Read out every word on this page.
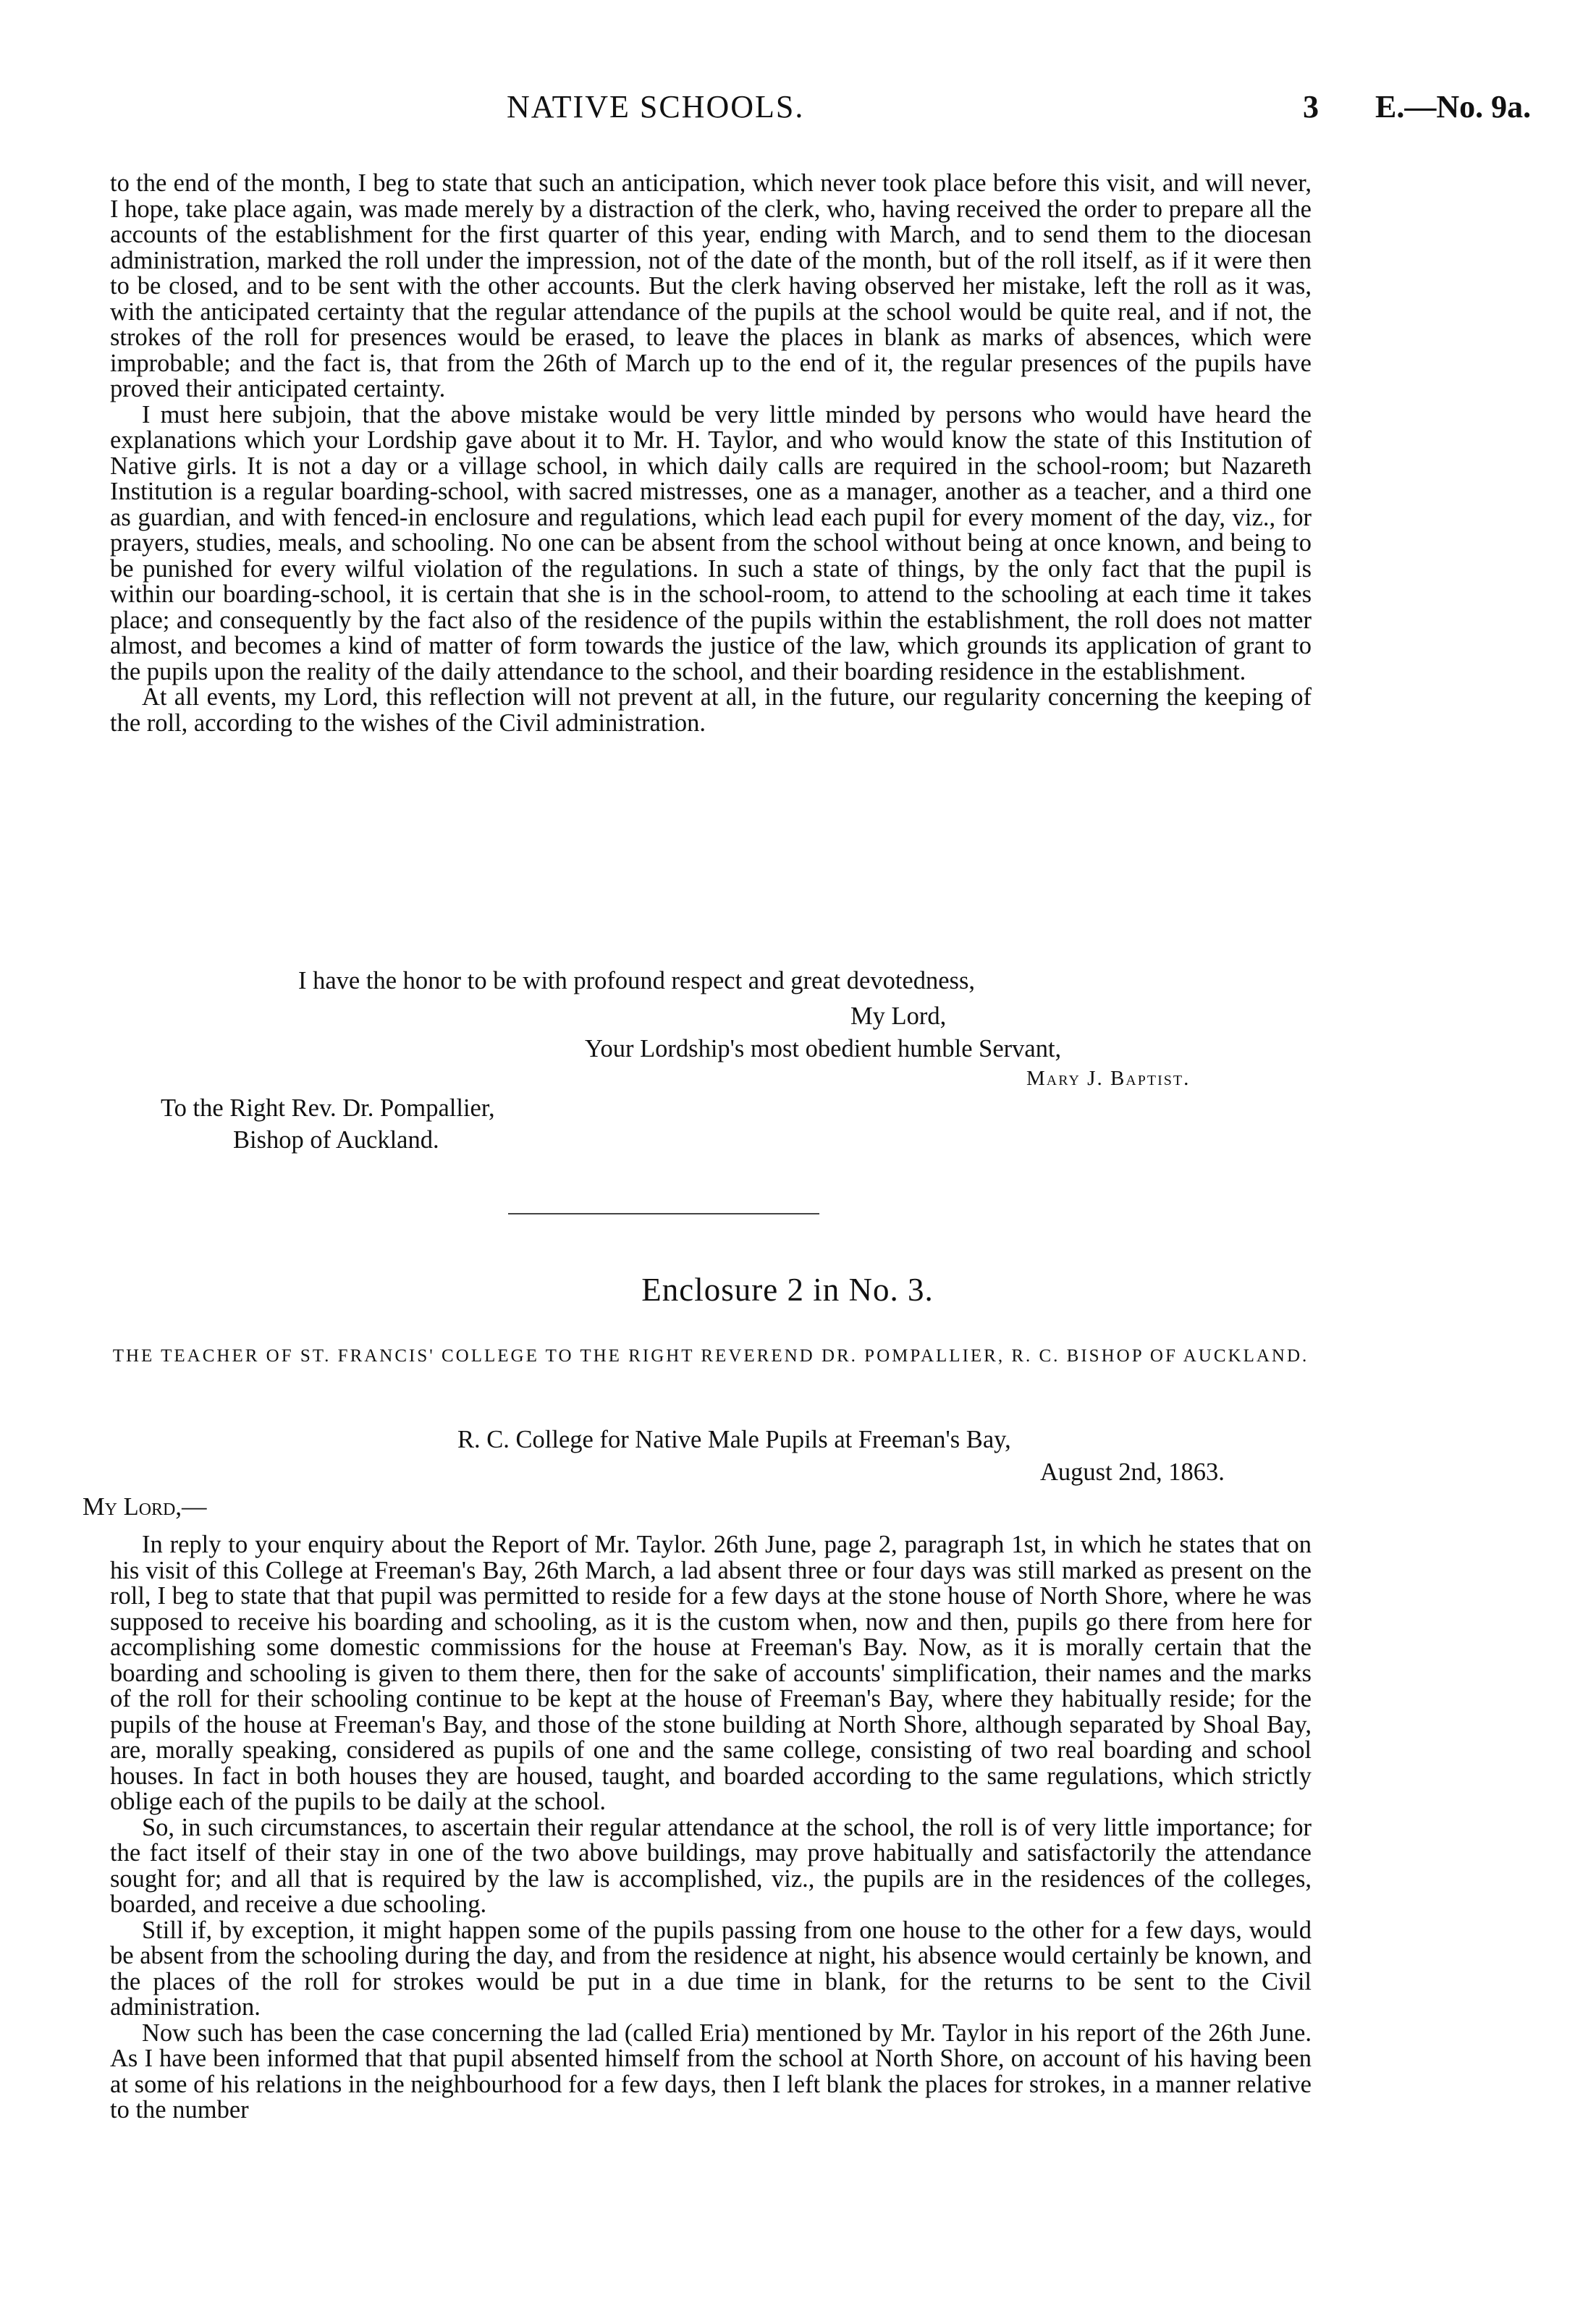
NATIVE SCHOOLS.	3 E.—No. 9a.

to the end of the month, I beg to state that such an anticipation, which never took place before this visit, and will never, I hope, take place again, was made merely by a distraction of the clerk, who, having received the order to prepare all the accounts of the establishment for the first quarter of this year, ending with March, and to send them to the diocesan administration, marked the roll under the impression, not of the date of the month, but of the roll itself, as if it were then to be closed, and to be sent with the other accounts. But the clerk having observed her mistake, left the roll as it was, with the anticipated certainty that the regular attendance of the pupils at the school would be quite real, and if not, the strokes of the roll for presences would be erased, to leave the places in blank as marks of absences, which were improbable; and the fact is, that from the 26th of March up to the end of it, the regular presences of the pupils have proved their anticipated certainty.

I must here subjoin, that the above mistake would be very little minded by persons who would have heard the explanations which your Lordship gave about it to Mr. H. Taylor, and who would know the state of this Institution of Native girls. It is not a day or a village school, in which daily calls are required in the school-room; but Nazareth Institution is a regular boarding-school, with sacred mistresses, one as a manager, another as a teacher, and a third one as guardian, and with fenced-in enclosure and regulations, which lead each pupil for every moment of the day, viz., for prayers, studies, meals, and schooling. No one can be absent from the school without being at once known, and being to be punished for every wilful violation of the regulations. In such a state of things, by the only fact that the pupil is within our boarding-school, it is certain that she is in the school-room, to attend to the schooling at each time it takes place; and consequently by the fact also of the residence of the pupils within the establishment, the roll does not matter almost, and becomes a kind of matter of form towards the justice of the law, which grounds its application of grant to the pupils upon the reality of the daily attendance to the school, and their boarding residence in the establishment.

At all events, my Lord, this reflection will not prevent at all, in the future, our regularity concerning the keeping of the roll, according to the wishes of the Civil administration.

I have the honor to be with profound respect and great devotedness,
My Lord,
Your Lordship's most obedient humble Servant,
Mary J. Baptist.
To the Right Rev. Dr. Pompallier,
Bishop of Auckland.
Enclosure 2 in No. 3.
THE TEACHER OF ST. FRANCIS' COLLEGE TO THE RIGHT REVEREND DR. POMPALLIER, R. C. BISHOP OF AUCKLAND.
R. C. College for Native Male Pupils at Freeman's Bay,
August 2nd, 1863.
My Lord,—

In reply to your enquiry about the Report of Mr. Taylor. 26th June, page 2, paragraph 1st, in which he states that on his visit of this College at Freeman's Bay, 26th March, a lad absent three or four days was still marked as present on the roll, I beg to state that that pupil was permitted to reside for a few days at the stone house of North Shore, where he was supposed to receive his boarding and schooling, as it is the custom when, now and then, pupils go there from here for accomplishing some domestic commissions for the house at Freeman's Bay. Now, as it is morally certain that the boarding and schooling is given to them there, then for the sake of accounts' simplification, their names and the marks of the roll for their schooling continue to be kept at the house of Freeman's Bay, where they habitually reside; for the pupils of the house at Freeman's Bay, and those of the stone building at North Shore, although separated by Shoal Bay, are, morally speaking, considered as pupils of one and the same college, consisting of two real boarding and school houses. In fact in both houses they are housed, taught, and boarded according to the same regulations, which strictly oblige each of the pupils to be daily at the school.

So, in such circumstances, to ascertain their regular attendance at the school, the roll is of very little importance; for the fact itself of their stay in one of the two above buildings, may prove habitually and satisfactorily the attendance sought for; and all that is required by the law is accomplished, viz., the pupils are in the residences of the colleges, boarded, and receive a due schooling.

Still if, by exception, it might happen some of the pupils passing from one house to the other for a few days, would be absent from the schooling during the day, and from the residence at night, his absence would certainly be known, and the places of the roll for strokes would be put in a due time in blank, for the returns to be sent to the Civil administration.

Now such has been the case concerning the lad (called Eria) mentioned by Mr. Taylor in his report of the 26th June. As I have been informed that that pupil absented himself from the school at North Shore, on account of his having been at some of his relations in the neighbourhood for a few days, then I left blank the places for strokes, in a manner relative to the number
